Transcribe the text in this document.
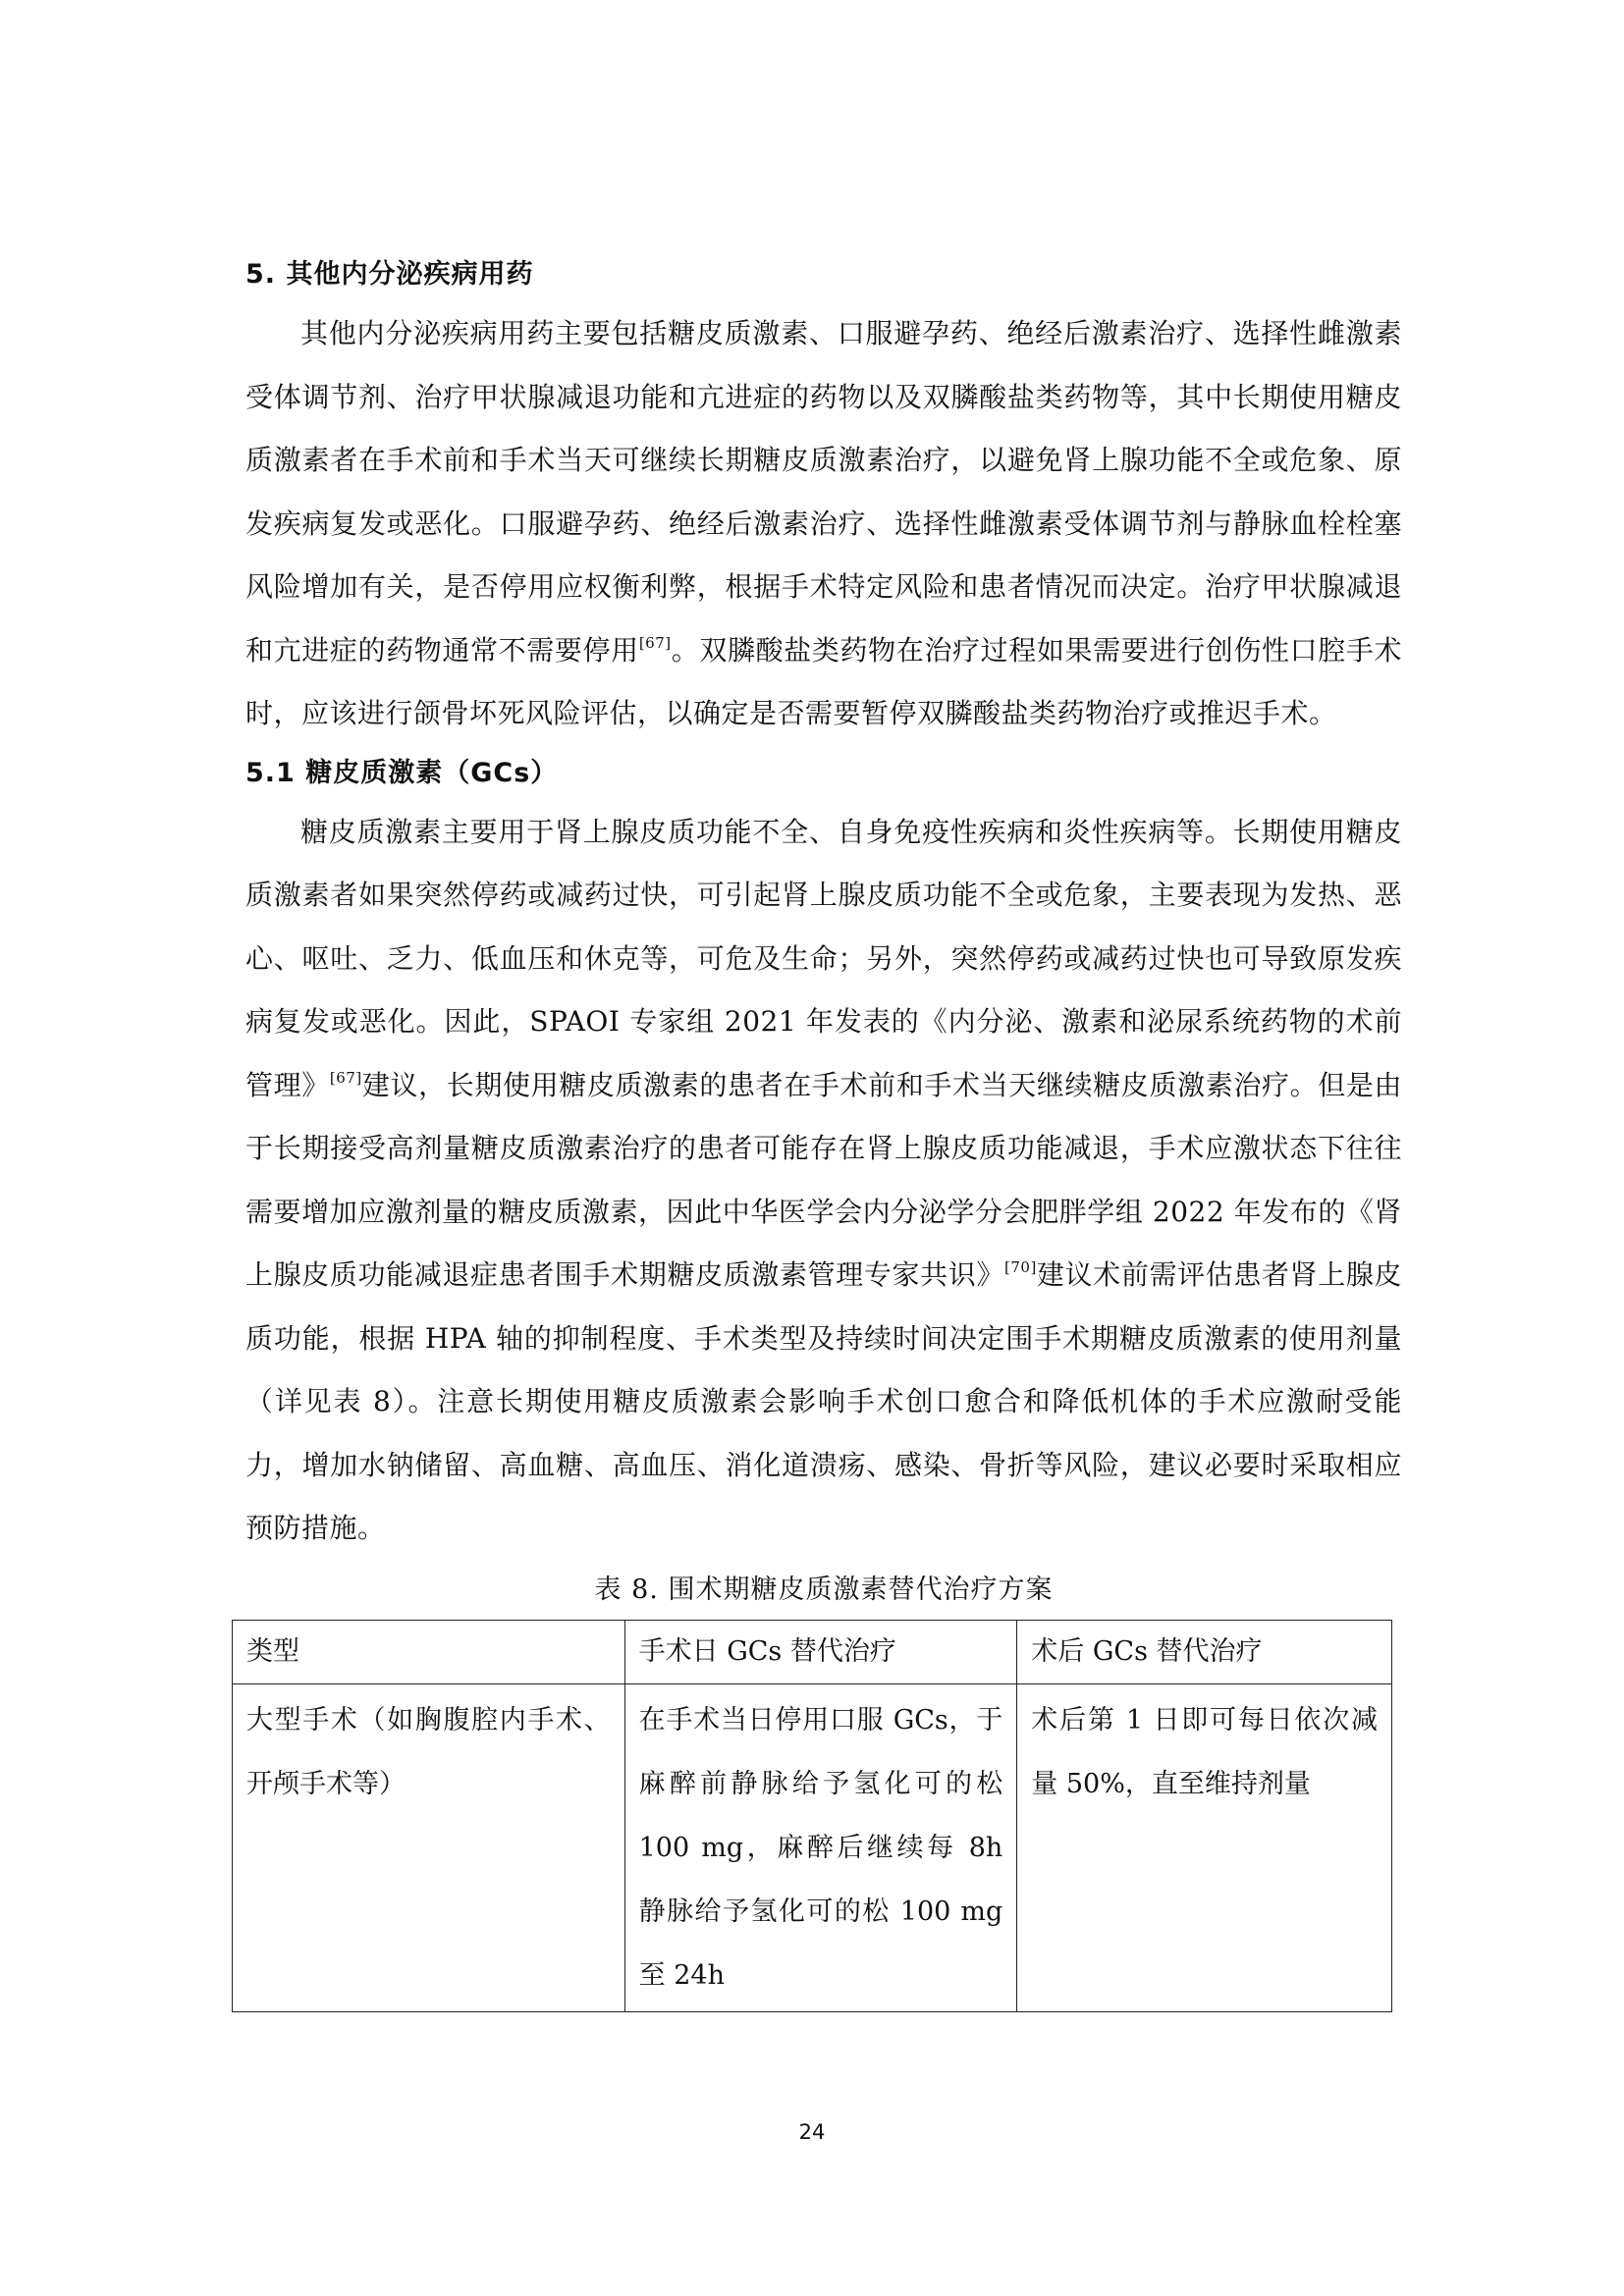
5. 其他内分泌疾病用药

其他内分泌疾病用药主要包括糖皮质激素、口服避孕药、绝经后激素治疗、选择性雌激素受体调节剂、治疗甲状腺减退功能和亢进症的药物以及双膦酸盐类药物等，其中长期使用糖皮质激素者在手术前和手术当天可继续长期糖皮质激素治疗，以避免肾上腺功能不全或危象、原发疾病复发或恶化。口服避孕药、绝经后激素治疗、选择性雌激素受体调节剂与静脉血栓栓塞风险增加有关，是否停用应权衡利弊，根据手术特定风险和患者情况而决定。治疗甲状腺减退和亢进症的药物通常不需要停用[67]。双膦酸盐类药物在治疗过程如果需要进行创伤性口腔手术时，应该进行颌骨坏死风险评估，以确定是否需要暂停双膦酸盐类药物治疗或推迟手术。

5.1 糖皮质激素（GCs）

糖皮质激素主要用于肾上腺皮质功能不全、自身免疫性疾病和炎性疾病等。长期使用糖皮质激素者如果突然停药或减药过快，可引起肾上腺皮质功能不全或危象，主要表现为发热、恶心、呕吐、乏力、低血压和休克等，可危及生命；另外，突然停药或减药过快也可导致原发疾病复发或恶化。因此，SPAOI 专家组 2021 年发表的《内分泌、激素和泌尿系统药物的术前管理》[67]建议，长期使用糖皮质激素的患者在手术前和手术当天继续糖皮质激素治疗。但是由于长期接受高剂量糖皮质激素治疗的患者可能存在肾上腺皮质功能减退，手术应激状态下往往需要增加应激剂量的糖皮质激素，因此中华医学会内分泌学分会肥胖学组 2022 年发布的《肾上腺皮质功能减退症患者围手术期糖皮质激素管理专家共识》[70]建议术前需评估患者肾上腺皮质功能，根据 HPA 轴的抑制程度、手术类型及持续时间决定围手术期糖皮质激素的使用剂量（详见表 8）。注意长期使用糖皮质激素会影响手术创口愈合和降低机体的手术应激耐受能力，增加水钠储留、高血糖、高血压、消化道溃疡、感染、骨折等风险，建议必要时采取相应预防措施。

表 8. 围术期糖皮质激素替代治疗方案

类型	手术日 GCs 替代治疗	术后 GCs 替代治疗
大型手术（如胸腹腔内手术、开颅手术等）	在手术当日停用口服 GCs，于麻醉前静脉给予氢化可的松 100 mg，麻醉后继续每 8h 静脉给予氢化可的松 100 mg 至 24h	术后第 1 日即可每日依次减量 50%，直至维持剂量
24
